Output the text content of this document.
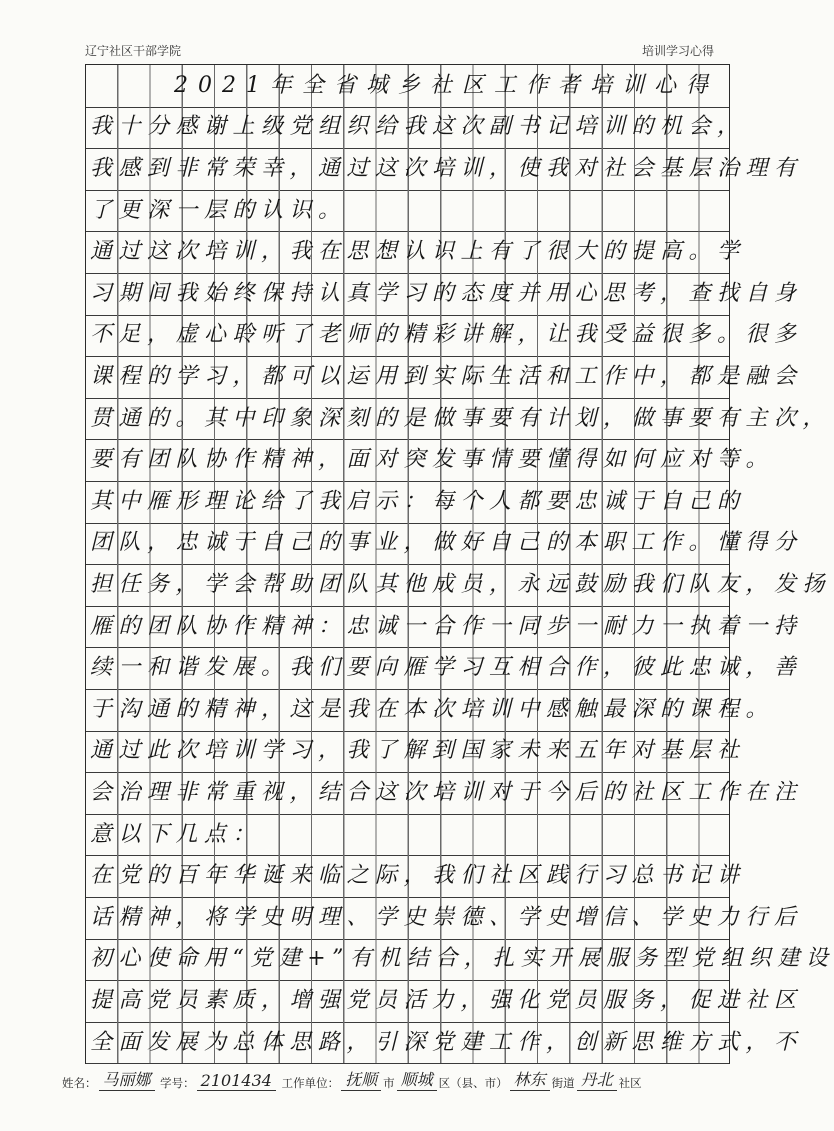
辽宁社区干部学院	培训学习心得
2021年全省城乡社区工作者培训心得
我十分感谢上级党组织给我这次副书记培训的机会，
我感到非常荣幸，通过这次培训，使我对社会基层治理有
了更深一层的认识。
通过这次培训，我在思想认识上有了很大的提高。学
习期间我始终保持认真学习的态度并用心思考，查找自身
不足，虚心聆听了老师的精彩讲解，让我受益很多。很多
课程的学习，都可以运用到实际生活和工作中，都是融会
贯通的。其中印象深刻的是做事要有计划，做事要有主次，
要有团队协作精神，面对突发事情要懂得如何应对等。
其中雁形理论给了我启示：每个人都要忠诚于自己的
团队，忠诚于自己的事业，做好自己的本职工作。懂得分
担任务，学会帮助团队其他成员，永远鼓励我们队友，发扬
雁的团队协作精神：忠诚一合作一同步一耐力一执着一持
续一和谐发展。我们要向雁学习互相合作，彼此忠诚，善
于沟通的精神，这是我在本次培训中感触最深的课程。
通过此次培训学习，我了解到国家未来五年对基层社
会治理非常重视，结合这次培训对于今后的社区工作在注
意以下几点：
在党的百年华诞来临之际，我们社区践行习总书记讲
话精神，将学史明理、学史崇德、学史增信、学史力行后
初心使命用“党建+”有机结合，扎实开展服务型党组织建设
提高党员素质，增强党员活力，强化党员服务，促进社区
全面发展为总体思路，引深党建工作，创新思维方式，不
姓名： 马丽娜 学号： 2101434 工作单位： 抚顺 市 顺城 区（县、市） 林东 街道 丹北 社区
